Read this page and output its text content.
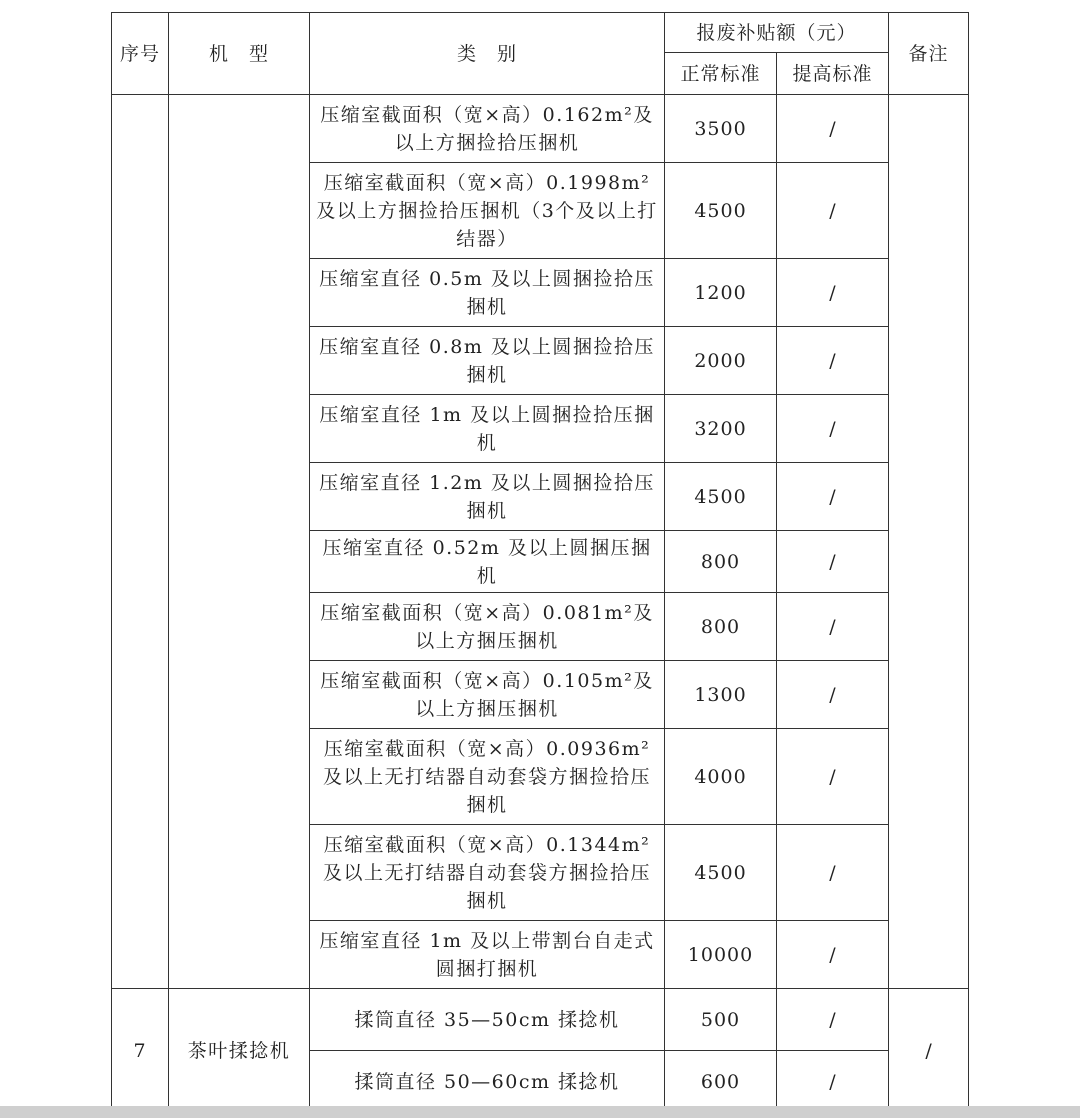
序号	机　型	类　别	报废补贴额（元）		备注
			正常标准	提高标准	
		压缩室截面积（宽×高）0.162m²及以上方捆捡拾压捆机	3500	/	
		压缩室截面积（宽×高）0.1998m²及以上方捆捡拾压捆机（3个及以上打结器）	4500	/	
		压缩室直径 0.5m 及以上圆捆捡拾压捆机	1200	/	
		压缩室直径 0.8m 及以上圆捆捡拾压捆机	2000	/	
		压缩室直径 1m 及以上圆捆捡拾压捆机	3200	/	
		压缩室直径 1.2m 及以上圆捆捡拾压捆机	4500	/	
		压缩室直径 0.52m 及以上圆捆压捆机	800	/	
		压缩室截面积（宽×高）0.081m²及以上方捆压捆机	800	/	
		压缩室截面积（宽×高）0.105m²及以上方捆压捆机	1300	/	
		压缩室截面积（宽×高）0.0936m²及以上无打结器自动套袋方捆捡拾压捆机	4000	/	
		压缩室截面积（宽×高）0.1344m²及以上无打结器自动套袋方捆捡拾压捆机	4500	/	
		压缩室直径 1m 及以上带割台自走式圆捆打捆机	10000	/	
7	茶叶揉捻机	揉筒直径 35—50cm 揉捻机	500	/	/
		揉筒直径 50—60cm 揉捻机	600	/	
